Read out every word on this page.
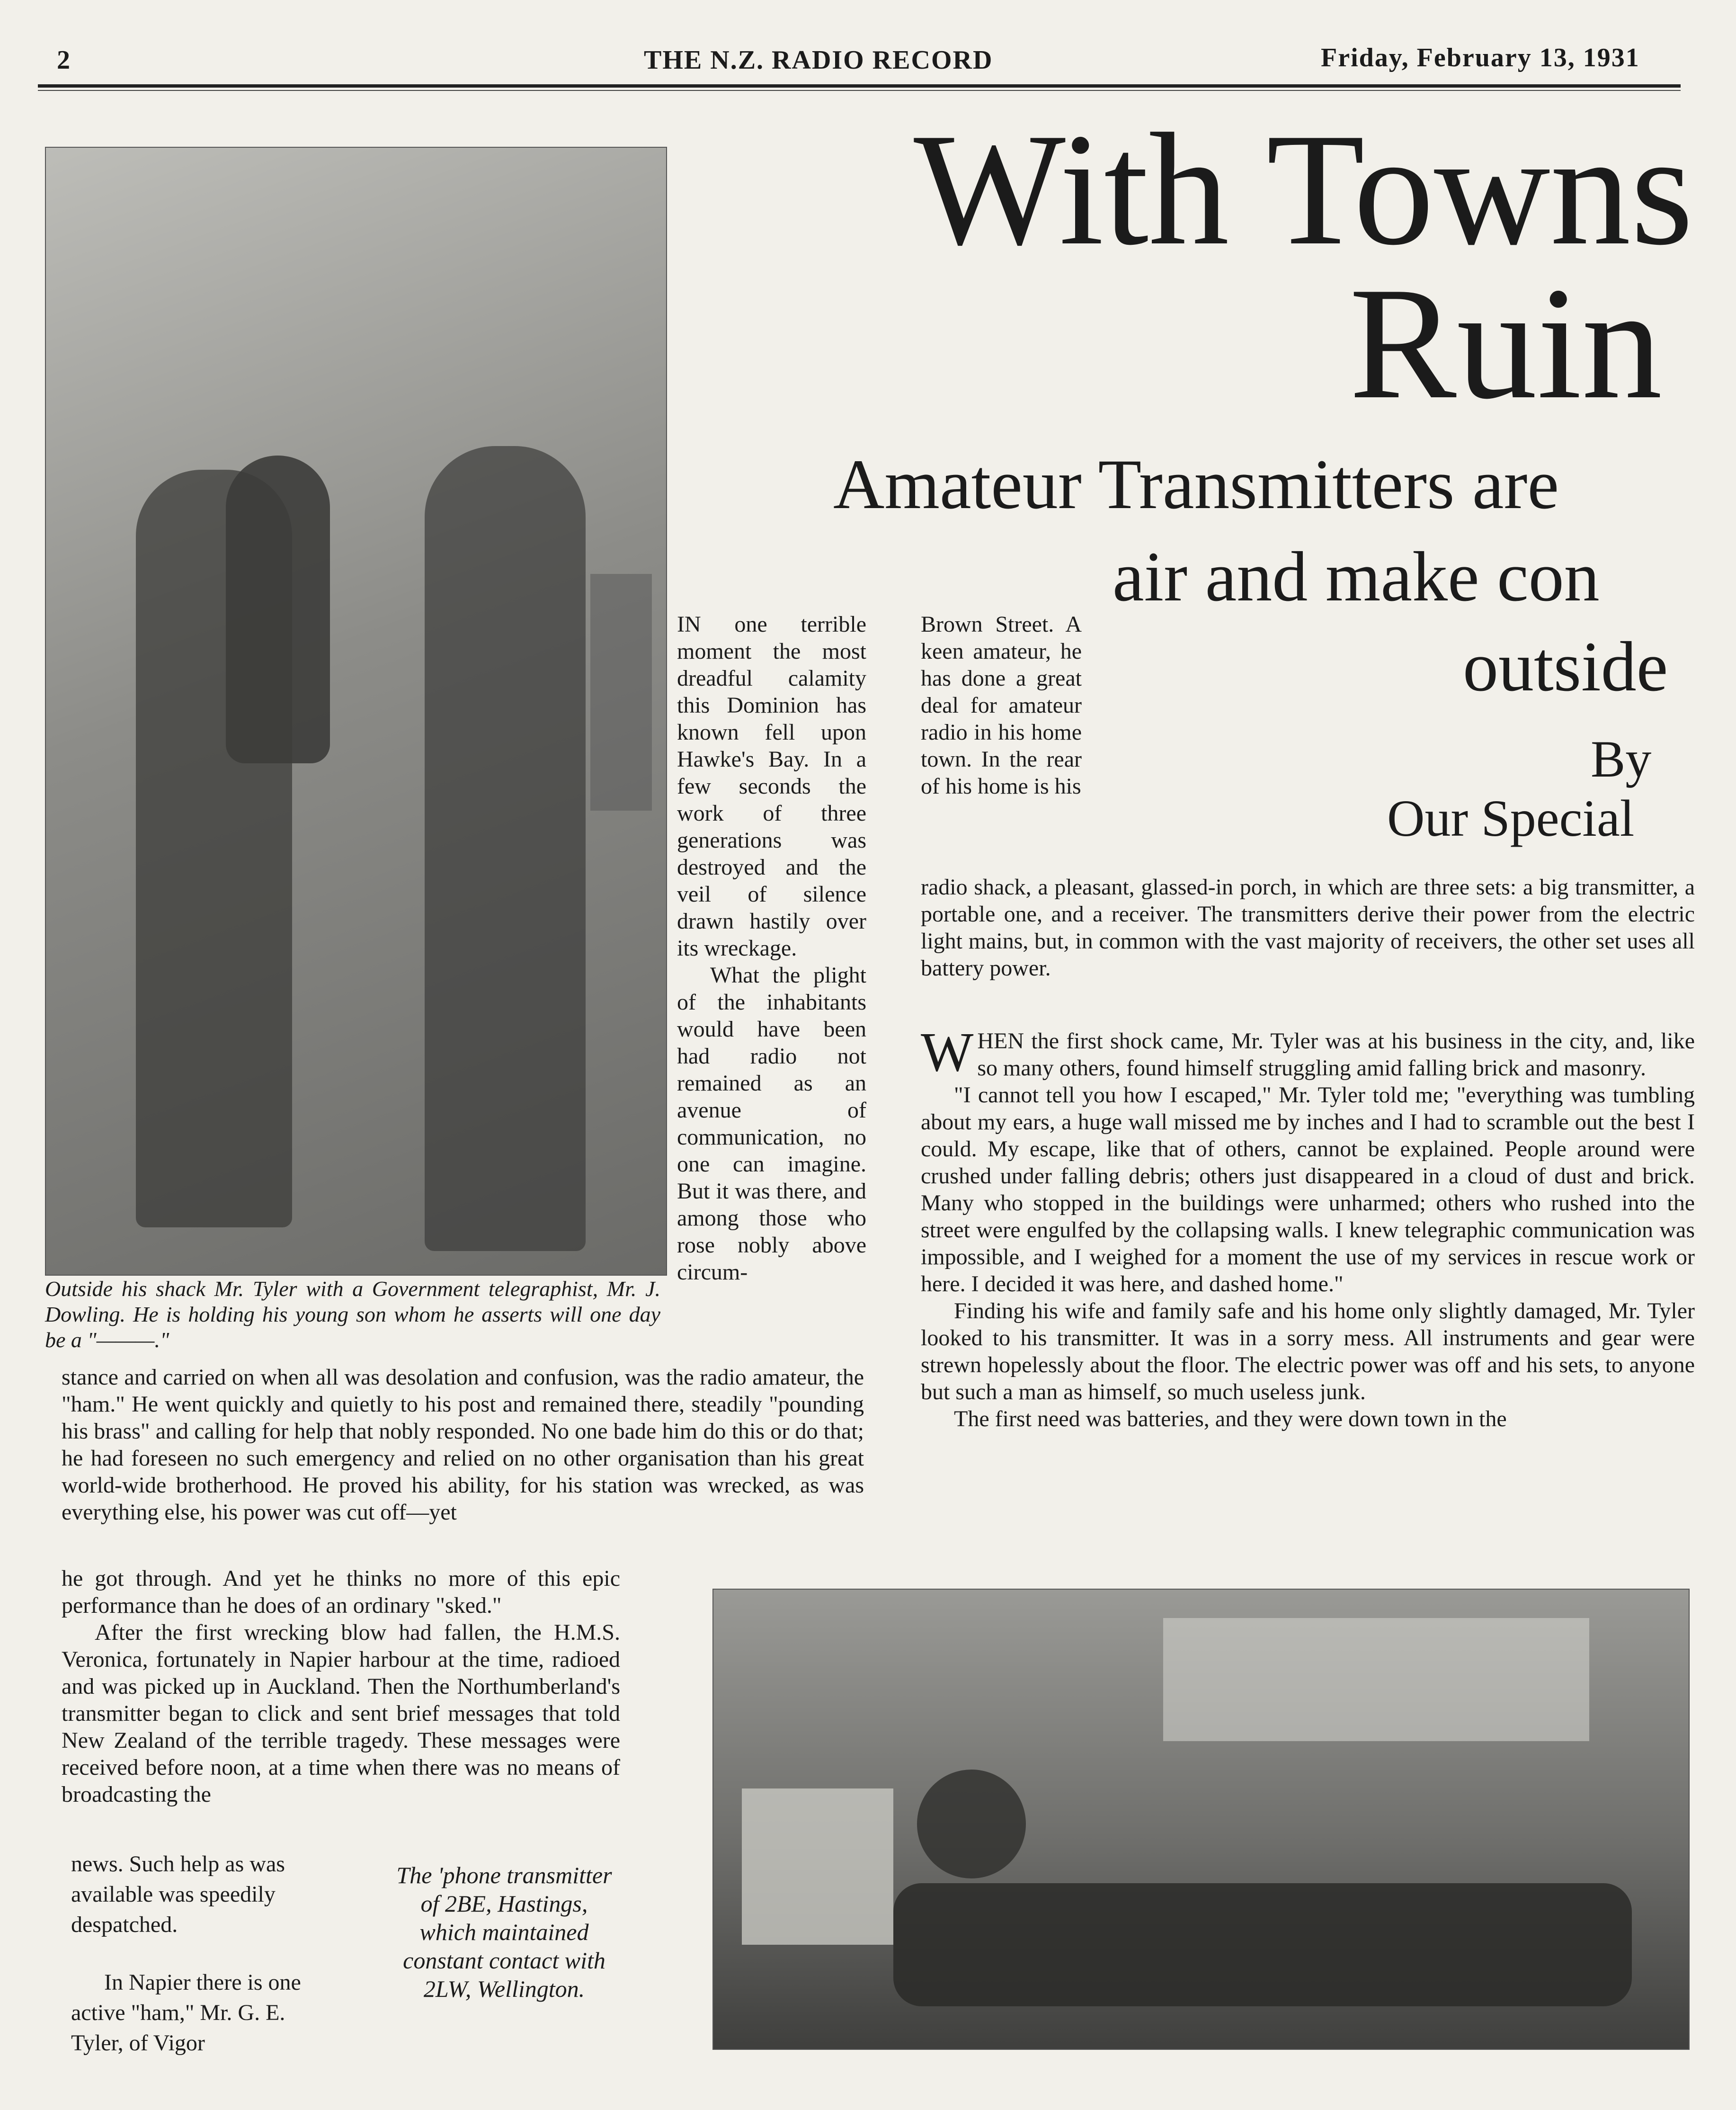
2	THE N.Z. RADIO RECORD	Friday, February 13, 1931
Outside his shack Mr. Tyler with a Government telegraphist, Mr. J. Dowling. He is holding his young son whom he asserts will one day be a "———."
With Towns
Ruin
Amateur Transmitters are
air and make con
outside
By
Our Special

IN one terrible moment the most dreadful calamity this Dominion has known fell upon Hawke's Bay. In a few seconds the work of three generations was destroyed and the veil of silence drawn hastily over its wreckage.

What the plight of the inhabitants would have been had radio not remained as an avenue of communication, no one can imagine. But it was there, and among those who rose nobly above circum-

Brown Street. A keen amateur, he has done a great deal for amateur radio in his home town. In the rear of his home is his

radio shack, a pleasant, glassed-in porch, in which are three sets: a big transmitter, a portable one, and a receiver. The transmitters derive their power from the electric light mains, but, in common with the vast majority of receivers, the other set uses all battery power.

stance and carried on when all was desolation and confusion, was the radio amateur, the "ham." He went quickly and quietly to his post and remained there, steadily "pounding his brass" and calling for help that nobly responded. No one bade him do this or do that; he had foreseen no such emergency and relied on no other organisation than his great world-wide brotherhood. He proved his ability, for his station was wrecked, as was everything else, his power was cut off—yet

he got through. And yet he thinks no more of this epic performance than he does of an ordinary "sked."

After the first wrecking blow had fallen, the H.M.S. Veronica, fortunately in Napier harbour at the time, radioed and was picked up in Auckland. Then the Northumberland's transmitter began to click and sent brief messages that told New Zealand of the terrible tragedy. These messages were received before noon, at a time when there was no means of broadcasting the

news. Such help as was available was speedily despatched.

In Napier there is one active "ham," Mr. G. E. Tyler, of Vigor

The 'phone transmitter of 2BE, Hastings, which maintained constant contact with 2LW, Wellington.

WHEN the first shock came, Mr. Tyler was at his business in the city, and, like so many others, found himself struggling amid falling brick and masonry.

"I cannot tell you how I escaped," Mr. Tyler told me; "everything was tumbling about my ears, a huge wall missed me by inches and I had to scramble out the best I could. My escape, like that of others, cannot be explained. People around were crushed under falling debris; others just disappeared in a cloud of dust and brick. Many who stopped in the buildings were unharmed; others who rushed into the street were engulfed by the collapsing walls. I knew telegraphic communication was impossible, and I weighed for a moment the use of my services in rescue work or here. I decided it was here, and dashed home."

Finding his wife and family safe and his home only slightly damaged, Mr. Tyler looked to his transmitter. It was in a sorry mess. All instruments and gear were strewn hopelessly about the floor. The electric power was off and his sets, to anyone but such a man as himself, so much useless junk.

The first need was batteries, and they were down town in the
